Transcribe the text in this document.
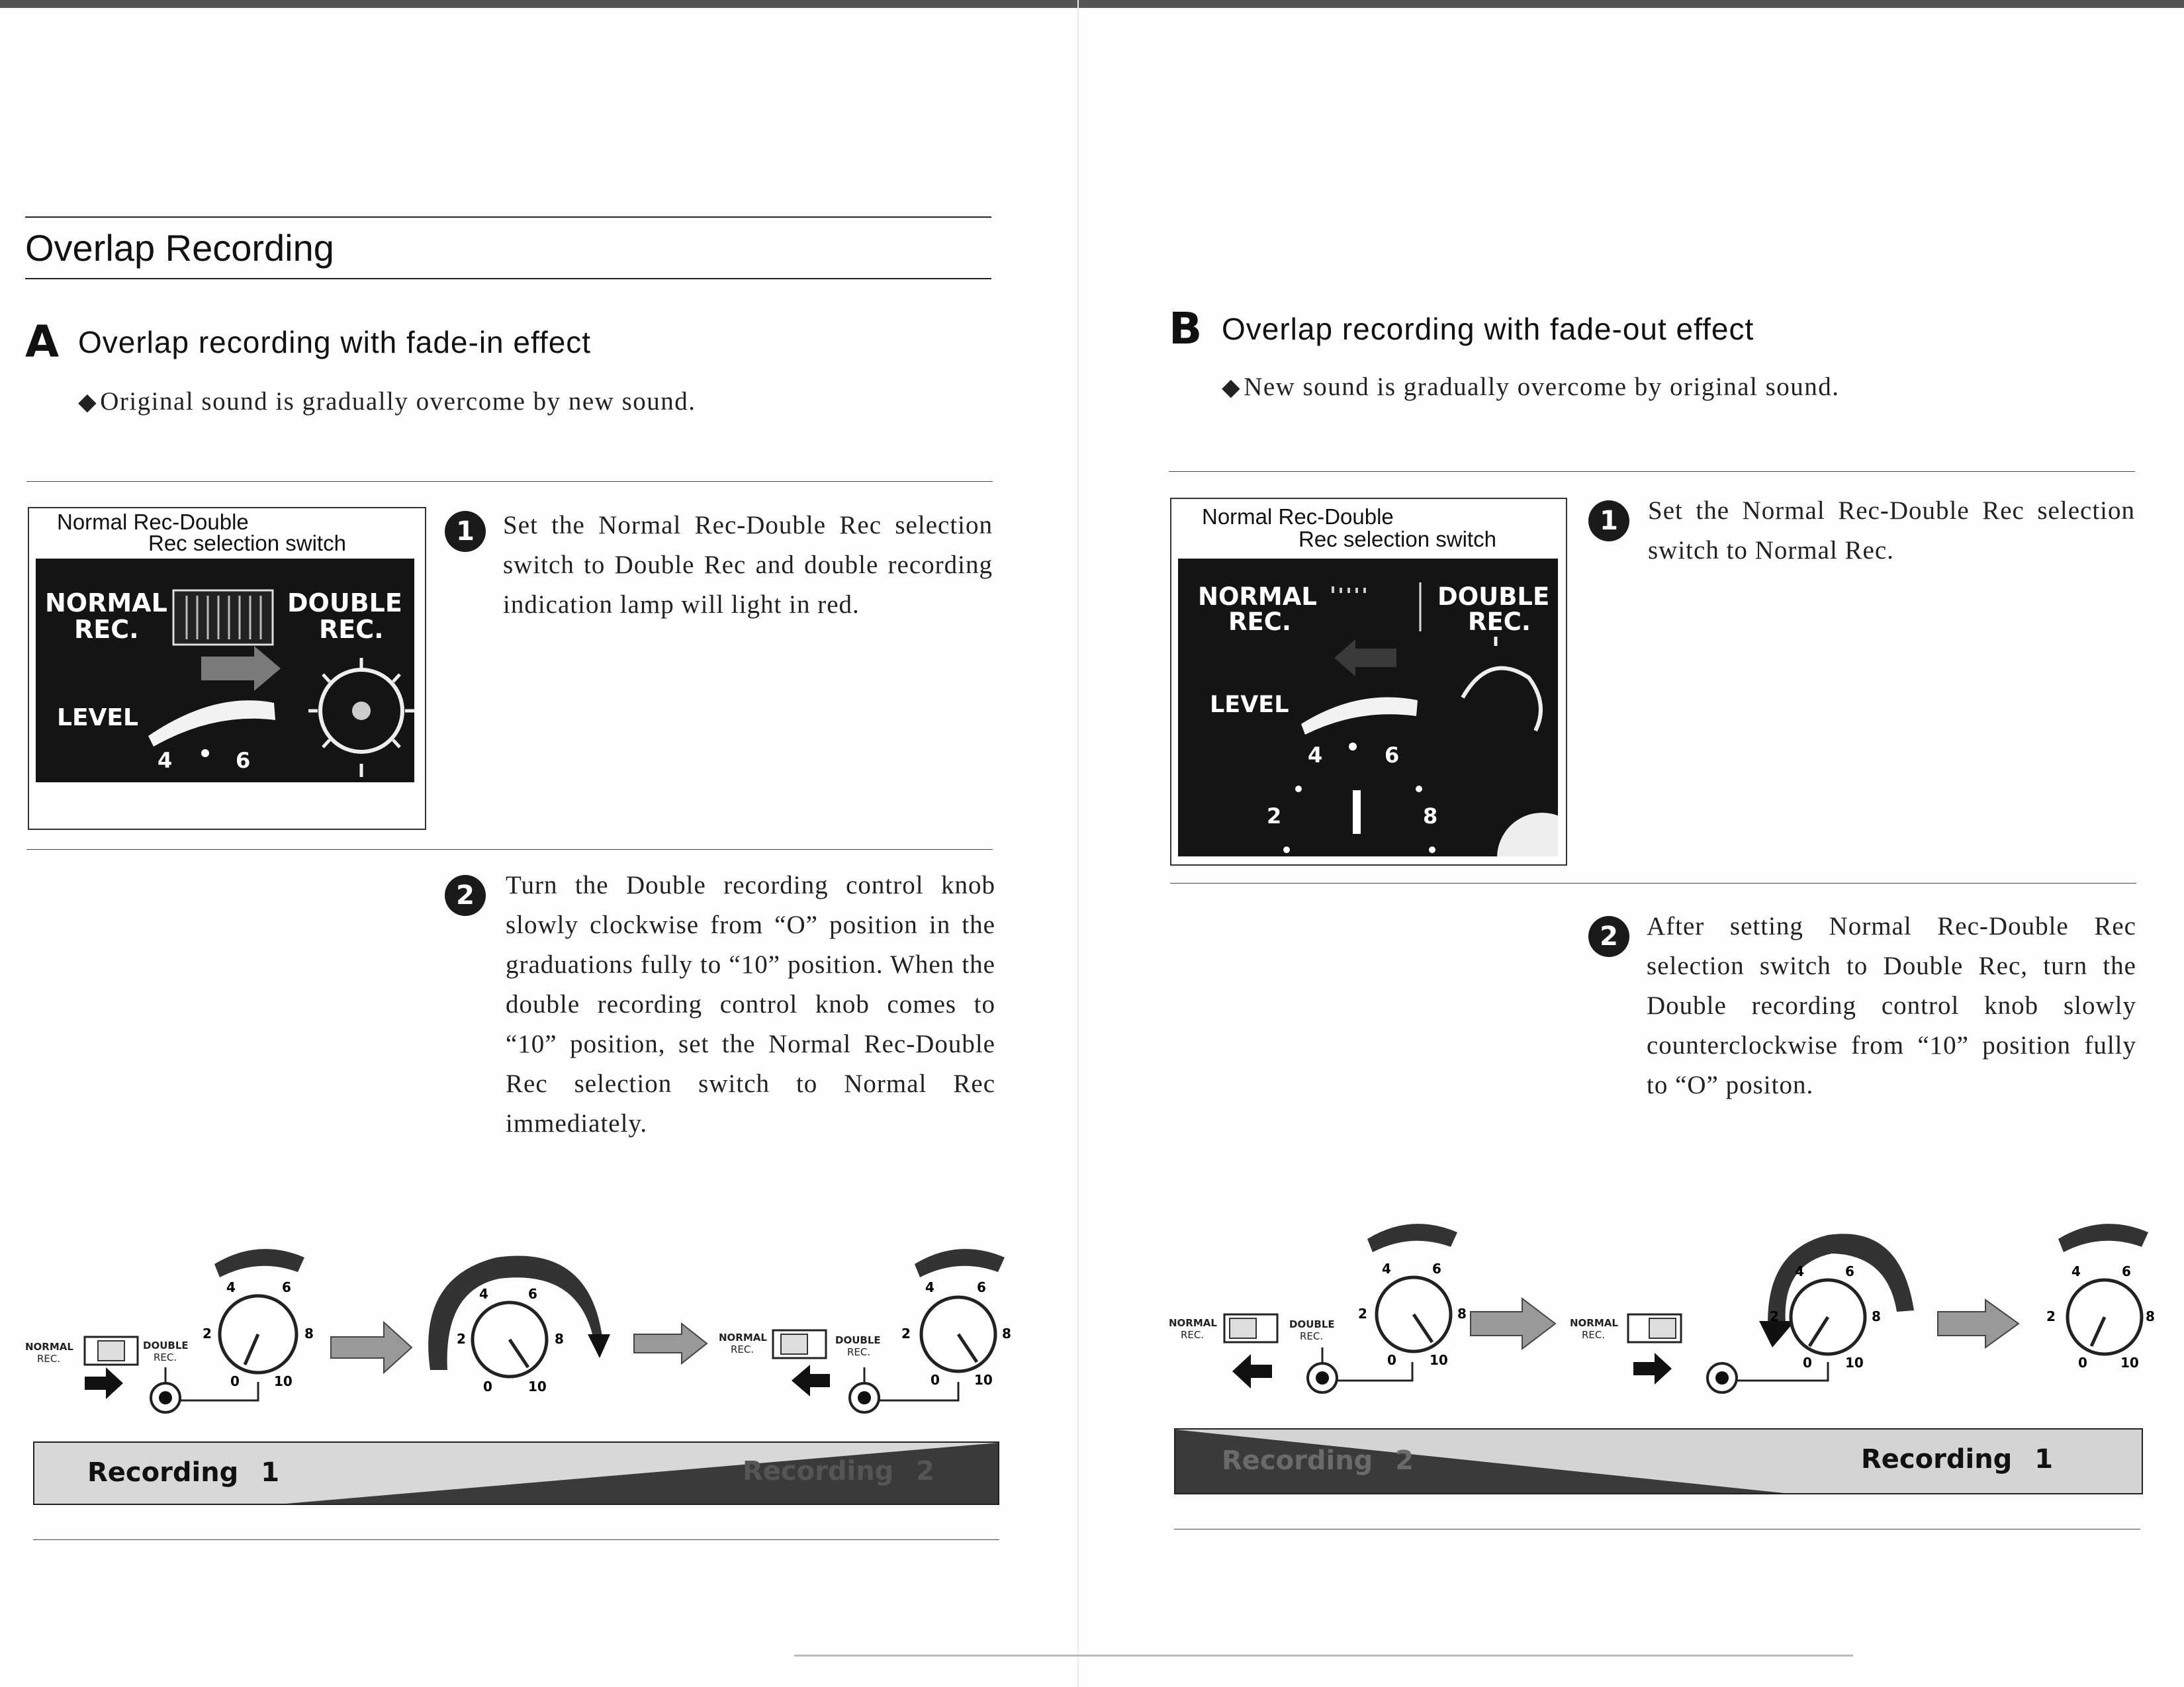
Overlap Recording
A Overlap recording with fade-in effect
◆ Original sound is gradually overcome by new sound.
Normal Rec-Double
Rec selection switch
NORMAL
REC.
DOUBLE
REC.
LEVEL
4	6
1	Set the Normal Rec-Double Rec selection switch to Double Rec and double recording indication lamp will light in red.
2	Turn the Double recording control knob slowly clockwise from “O” position in the graduations fully to “10” position. When the double recording control knob comes to “10” position, set the Normal Rec-Double Rec selection switch to Normal Rec immediately.
NORMAL
REC.
DOUBLE
REC.
4	6
2	8
0	10
4	6
2	8
0	10
NORMAL
REC.
DOUBLE
REC.
4	6
2	8
0	10
Recording 1	Recording 2
B Overlap recording with fade-out effect
◆ New sound is gradually overcome by original sound.
Normal Rec-Double
Rec selection switch
NORMAL
REC.
DOUBLE
REC.
LEVEL
4	6
2	8
1	Set the Normal Rec-Double Rec selection switch to Normal Rec.
2	After setting Normal Rec-Double Rec selection switch to Double Rec, turn the Double recording control knob slowly counterclockwise from “10” position fully to “O” positon.
NORMAL
REC.
DOUBLE
REC.
4	6
2	8
0	10
NORMAL
REC.
4	6
2	8
0	10
4	6
2	8
0	10
Recording 2	Recording 1
